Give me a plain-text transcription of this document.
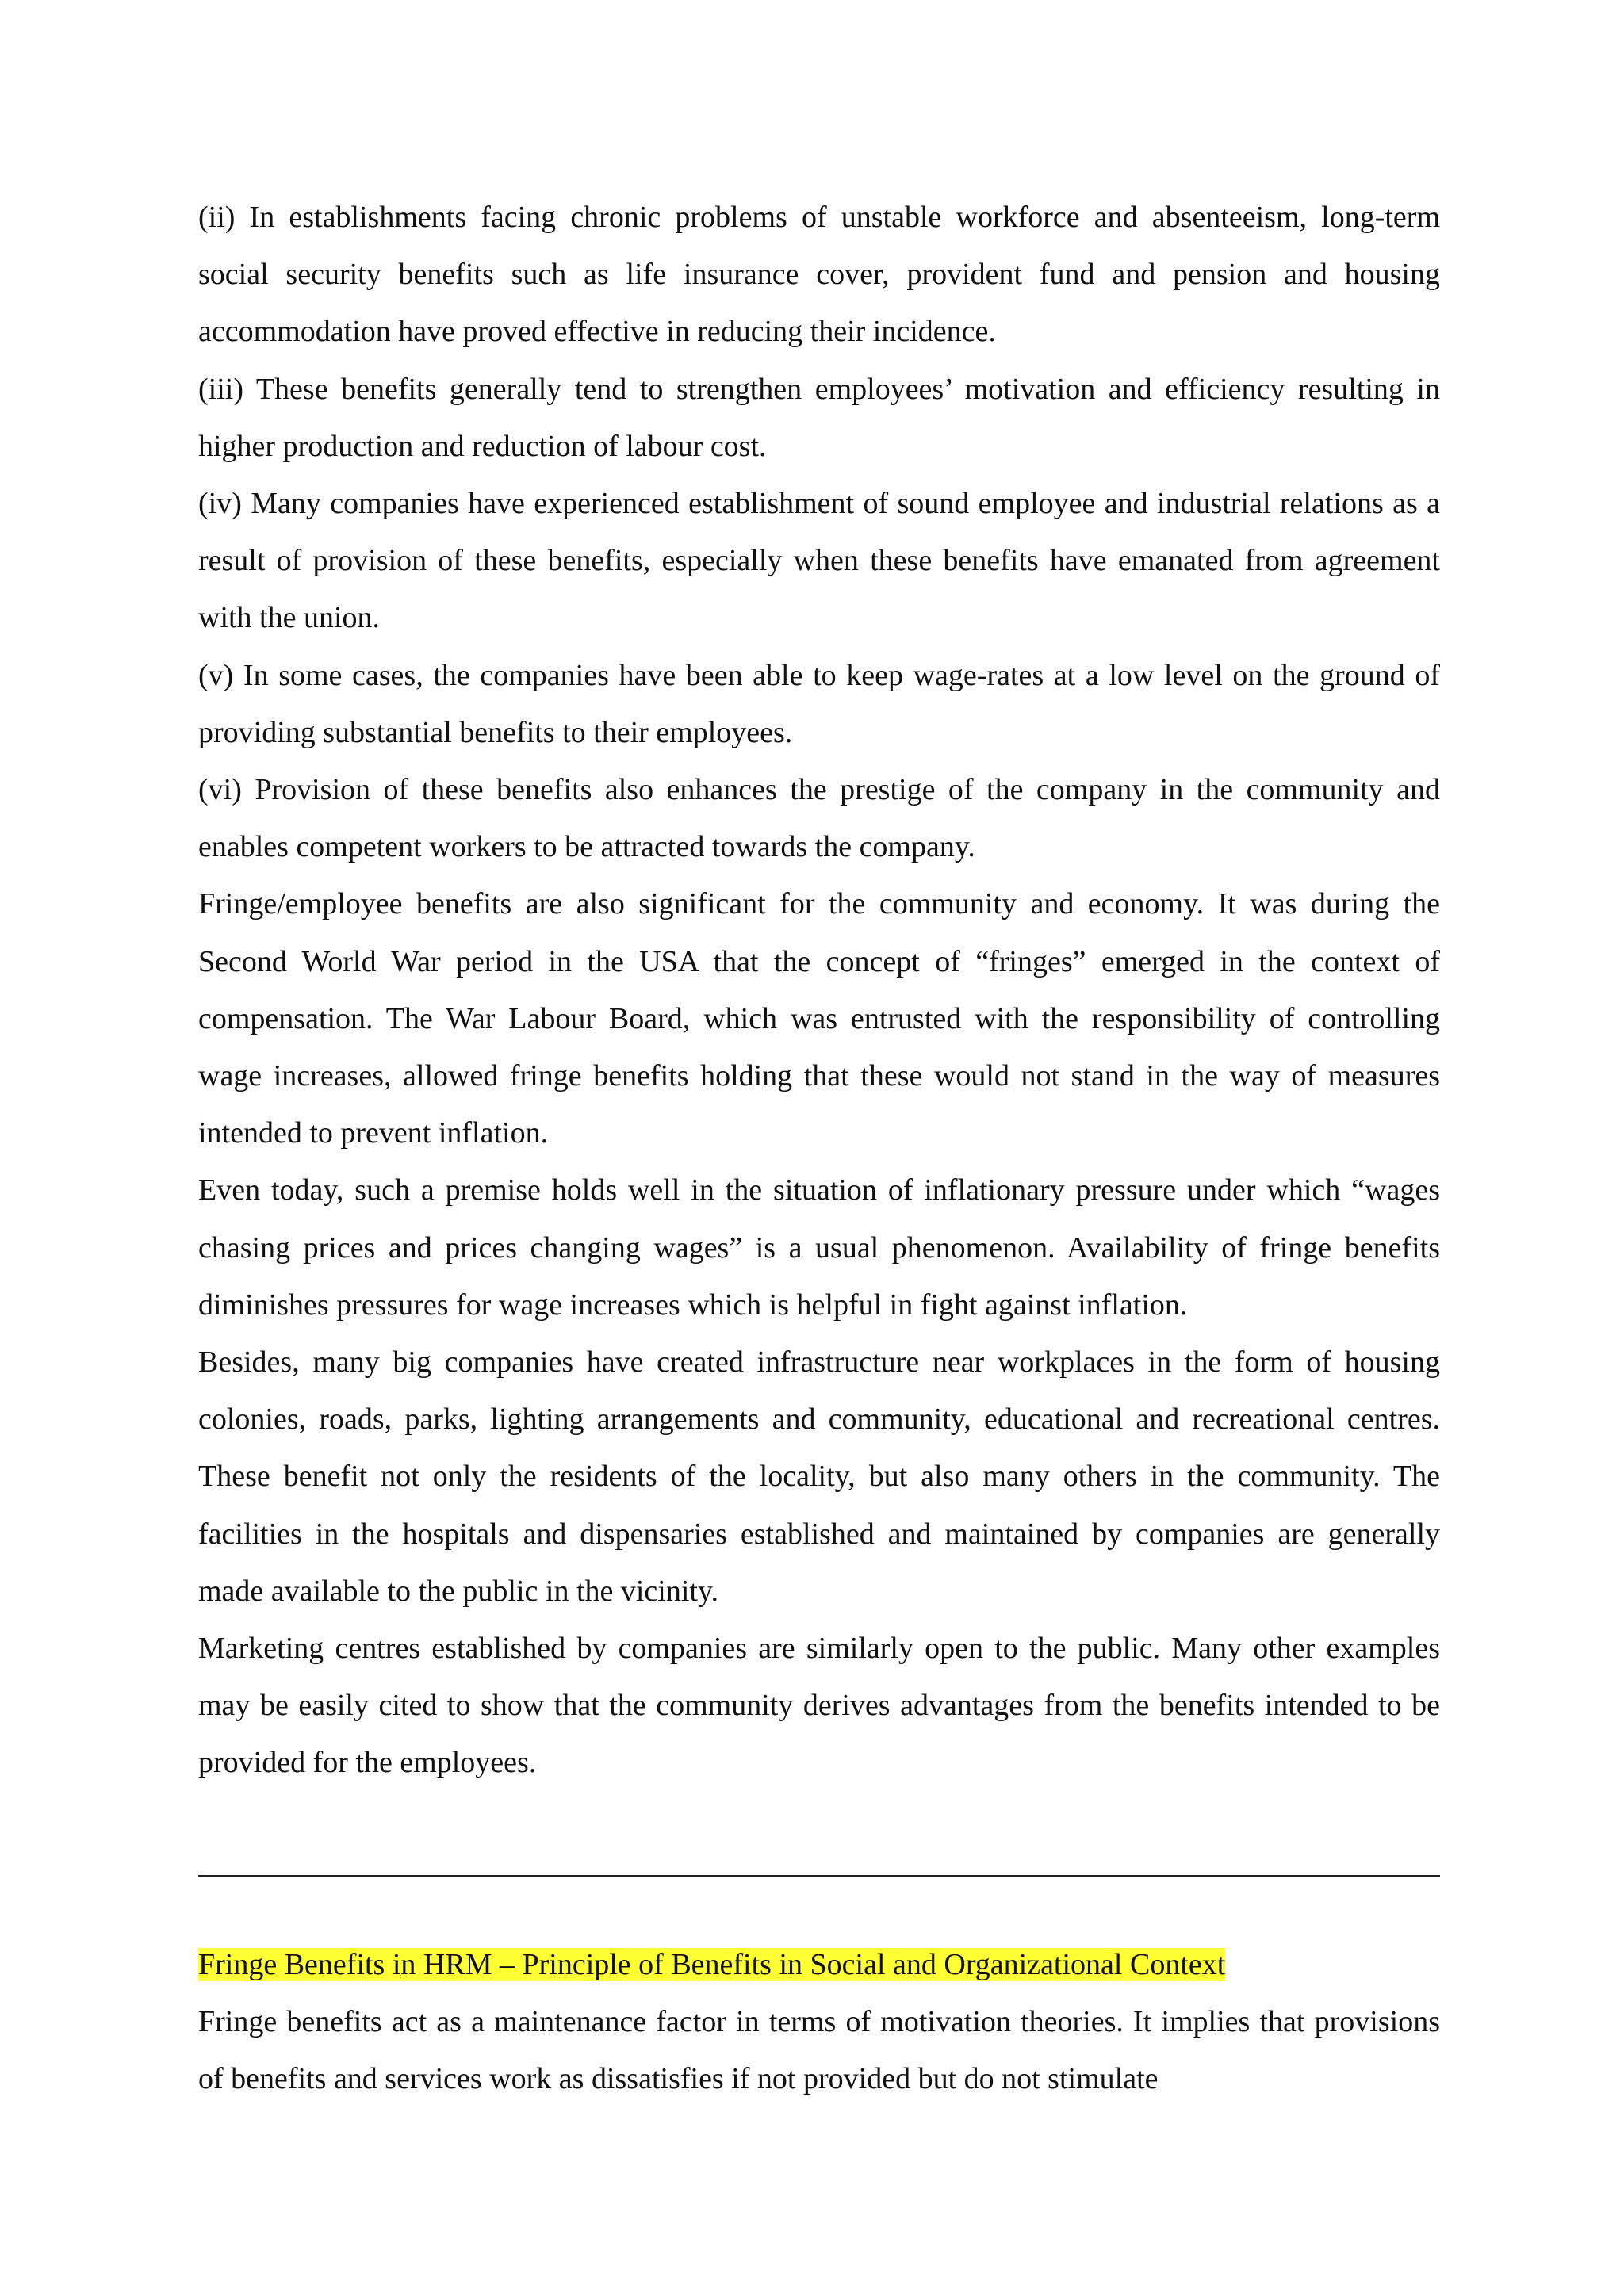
(ii) In establishments facing chronic problems of unstable workforce and absenteeism, long-term social security benefits such as life insurance cover, provident fund and pension and housing accommodation have proved effective in reducing their incidence.

(iii) These benefits generally tend to strengthen employees’ motivation and efficiency resulting in higher production and reduction of labour cost.

(iv) Many companies have experienced establishment of sound employee and industrial relations as a result of provision of these benefits, especially when these benefits have emanated from agreement with the union.

(v) In some cases, the companies have been able to keep wage-rates at a low level on the ground of providing substantial benefits to their employees.

(vi) Provision of these benefits also enhances the prestige of the company in the community and enables competent workers to be attracted towards the company.

Fringe/employee benefits are also significant for the community and economy. It was during the Second World War period in the USA that the concept of “fringes” emerged in the context of compensation. The War Labour Board, which was entrusted with the responsibility of controlling wage increases, allowed fringe benefits holding that these would not stand in the way of measures intended to prevent inflation.

Even today, such a premise holds well in the situation of inflationary pressure under which “wages chasing prices and prices changing wages” is a usual phenomenon. Availability of fringe benefits diminishes pressures for wage increases which is helpful in fight against inflation.

Besides, many big companies have created infrastructure near workplaces in the form of housing colonies, roads, parks, lighting arrangements and community, educational and recreational centres. These benefit not only the residents of the locality, but also many others in the community. The facilities in the hospitals and dispensaries established and maintained by companies are generally made available to the public in the vicinity.

Marketing centres established by companies are similarly open to the public. Many other examples may be easily cited to show that the community derives advantages from the benefits intended to be provided for the employees.

Fringe Benefits in HRM – Principle of Benefits in Social and Organizational Context

Fringe benefits act as a maintenance factor in terms of motivation theories. It implies that provisions of benefits and services work as dissatisfies if not provided but do not stimulate
